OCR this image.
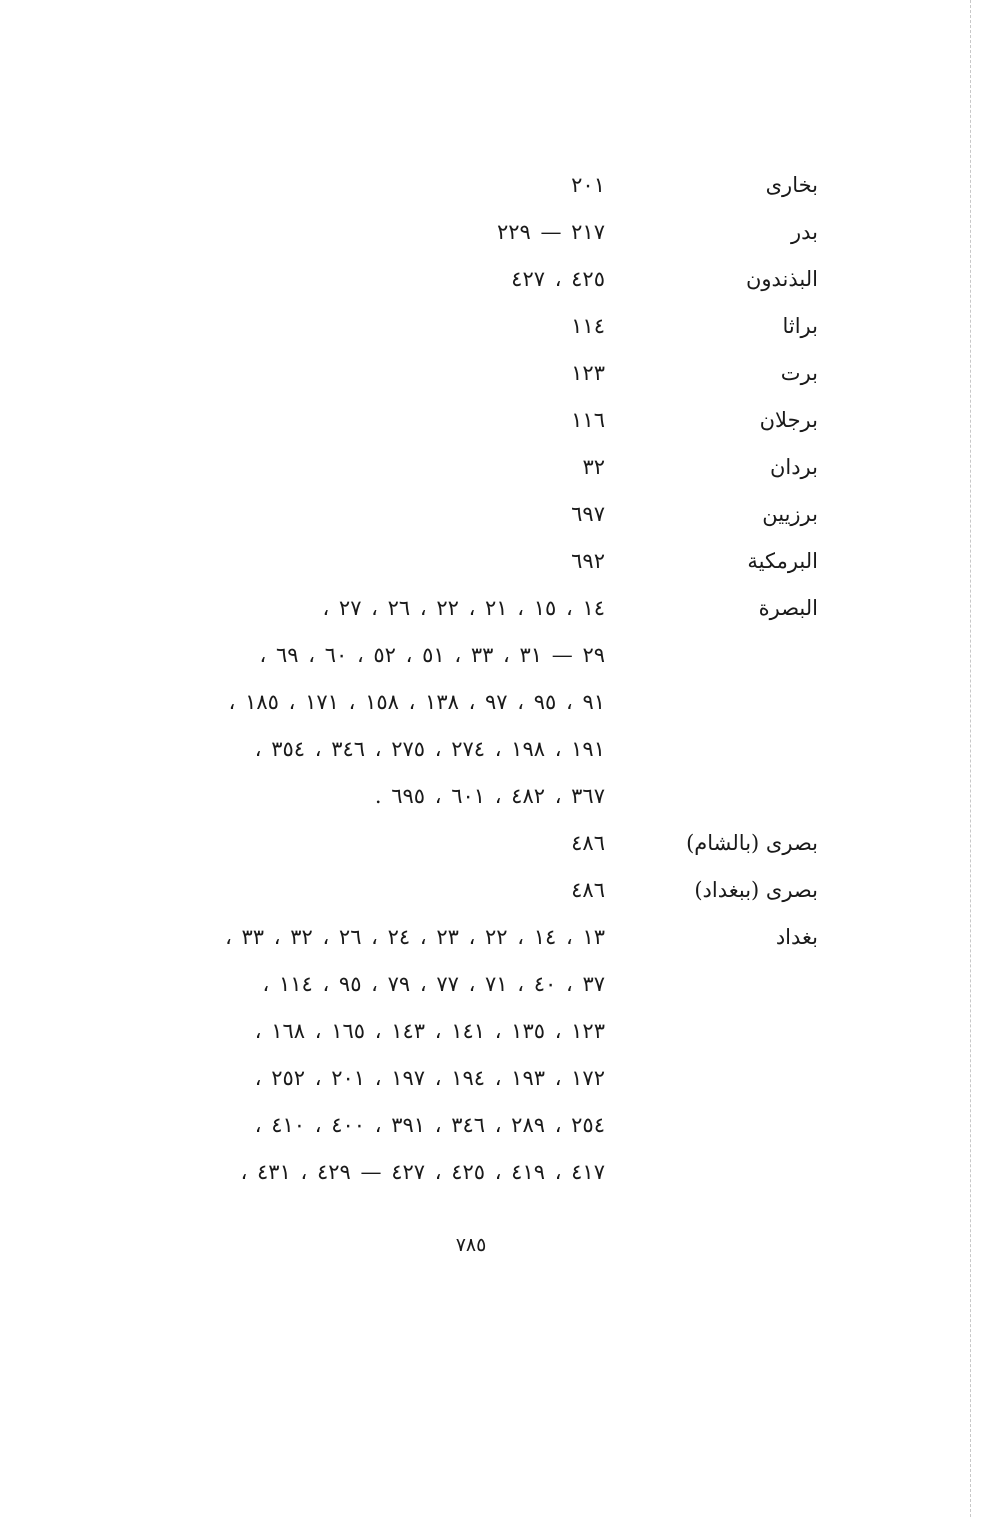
بخارى
٢٠١
بدر
٢١٧ — ٢٢٩
البذندون
٤٢٥ ، ٤٢٧
براثا
١١٤
برت
١٢٣
برجلان
١١٦
بردان
٣٢
برزيين
٦٩٧
البرمكية
٦٩٢
البصرة
١٤ ، ١٥ ، ٢١ ، ٢٢ ، ٢٦ ، ٢٧ ،
٢٩ — ٣١ ، ٣٣ ، ٥١ ، ٥٢ ، ٦٠ ، ٦٩ ،
٩١ ، ٩٥ ، ٩٧ ، ١٣٨ ، ١٥٨ ، ١٧١ ، ١٨٥ ،
١٩١ ، ١٩٨ ، ٢٧٤ ، ٢٧٥ ، ٣٤٦ ، ٣٥٤ ،
٣٦٧ ، ٤٨٢ ، ٦٠١ ، ٦٩٥ .
بصرى (بالشام)
٤٨٦
بصرى (ببغداد)
٤٨٦
بغداد
١٣ ، ١٤ ، ٢٢ ، ٢٣ ، ٢٤ ، ٢٦ ، ٣٢ ، ٣٣ ،
٣٧ ، ٤٠ ، ٧١ ، ٧٧ ، ٧٩ ، ٩٥ ، ١١٤ ،
١٢٣ ، ١٣٥ ، ١٤١ ، ١٤٣ ، ١٦٥ ، ١٦٨ ،
١٧٢ ، ١٩٣ ، ١٩٤ ، ١٩٧ ، ٢٠١ ، ٢٥٢ ،
٢٥٤ ، ٢٨٩ ، ٣٤٦ ، ٣٩١ ، ٤٠٠ ، ٤١٠ ،
٤١٧ ، ٤١٩ ، ٤٢٥ ، ٤٢٧ — ٤٢٩ ، ٤٣١ ،
٧٨٥
